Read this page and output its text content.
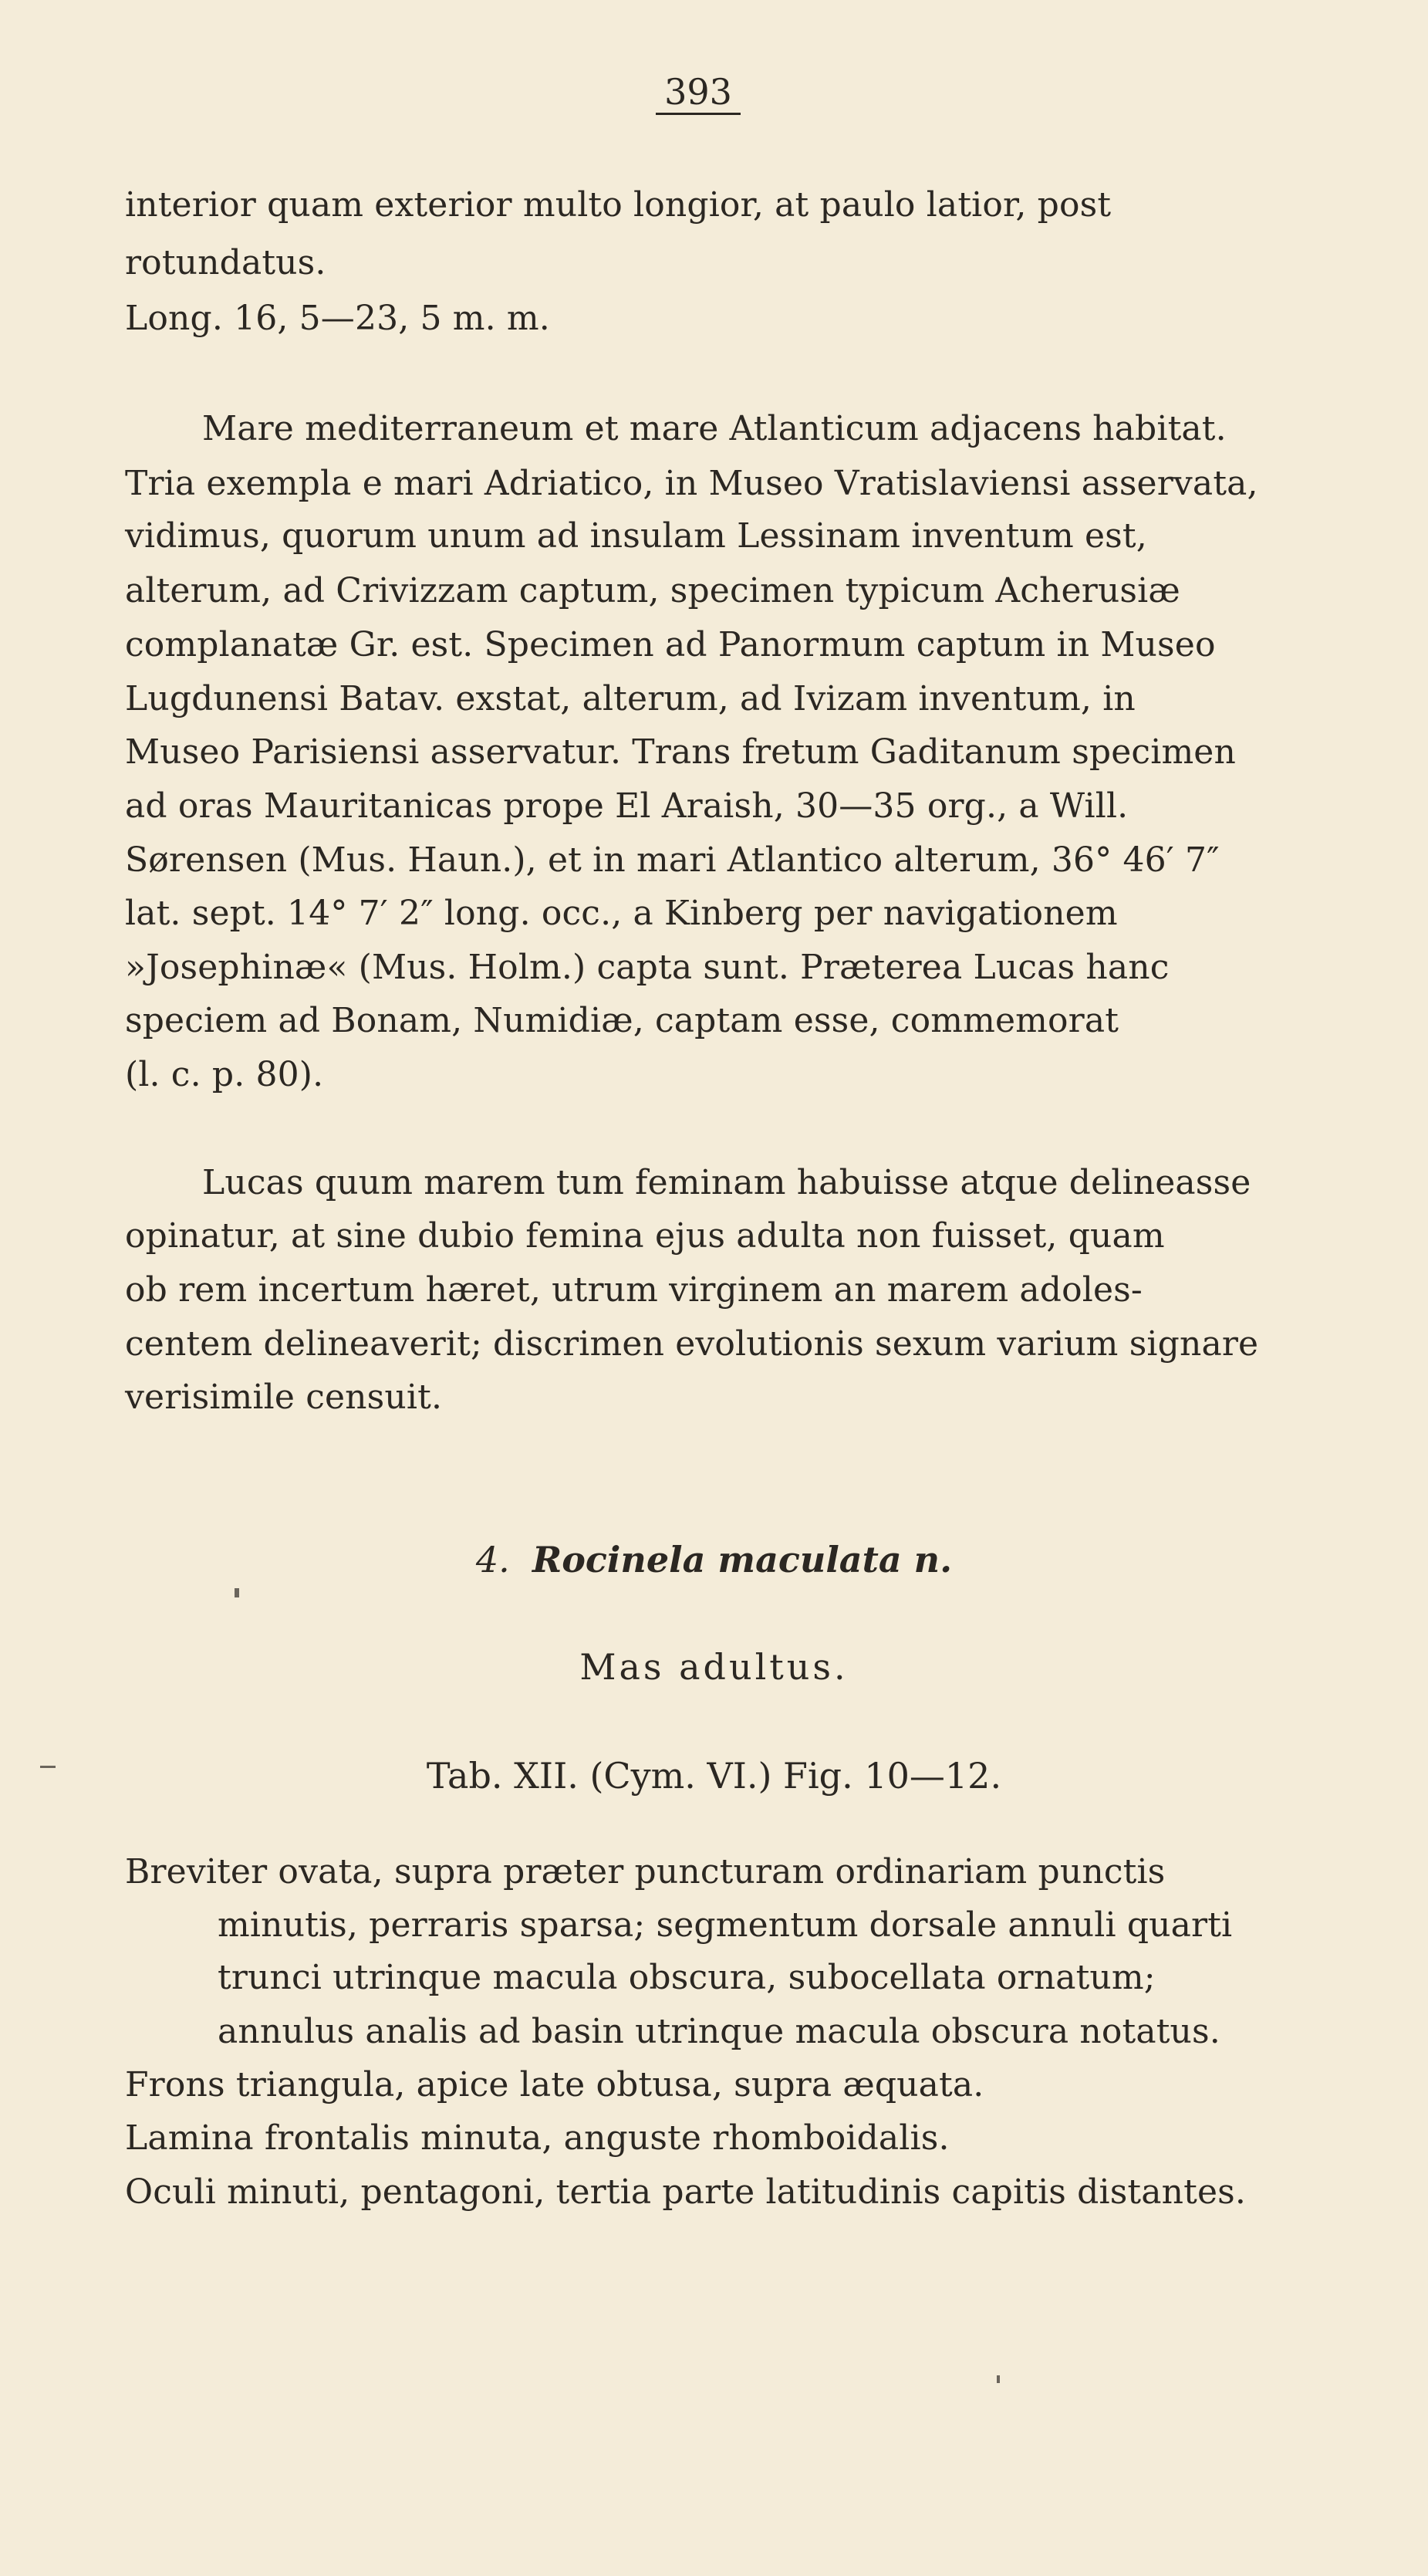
393

interior quam exterior multo longior, at paulo latior, post

rotundatus.

Long. 16, 5—23, 5 m. m.

Mare mediterraneum et mare Atlanticum adjacens habitat.

Tria exempla e mari Adriatico, in Museo Vratislaviensi asservata,

vidimus, quorum unum ad insulam Lessinam inventum est,

alterum, ad Crivizzam captum, specimen typicum Acherusiæ

complanatæ Gr. est. Specimen ad Panormum captum in Museo

Lugdunensi Batav. exstat, alterum, ad Ivizam inventum, in

Museo Parisiensi asservatur. Trans fretum Gaditanum specimen

ad oras Mauritanicas prope El Araish, 30—35 org., a Will.

Sørensen (Mus. Haun.), et in mari Atlantico alterum, 36° 46′ 7″

lat. sept. 14° 7′ 2″ long. occ., a Kinberg per navigationem

»Josephinæ« (Mus. Holm.) capta sunt. Præterea Lucas hanc

speciem ad Bonam, Numidiæ, captam esse, commemorat

(l. c. p. 80).

Lucas quum marem tum feminam habuisse atque delineasse

opinatur, at sine dubio femina ejus adulta non fuisset, quam

ob rem incertum hæret, utrum virginem an marem adoles-

centem delineaverit; discrimen evolutionis sexum varium signare

verisimile censuit.

4. Rocinela maculata n.

Mas adultus.

Tab. XII. (Cym. VI.) Fig. 10—12.

Breviter ovata, supra præter puncturam ordinariam punctis

minutis, perraris sparsa; segmentum dorsale annuli quarti

trunci utrinque macula obscura, subocellata ornatum;

annulus analis ad basin utrinque macula obscura notatus.

Frons triangula, apice late obtusa, supra æquata.

Lamina frontalis minuta, anguste rhomboidalis.

Oculi minuti, pentagoni, tertia parte latitudinis capitis distantes.
